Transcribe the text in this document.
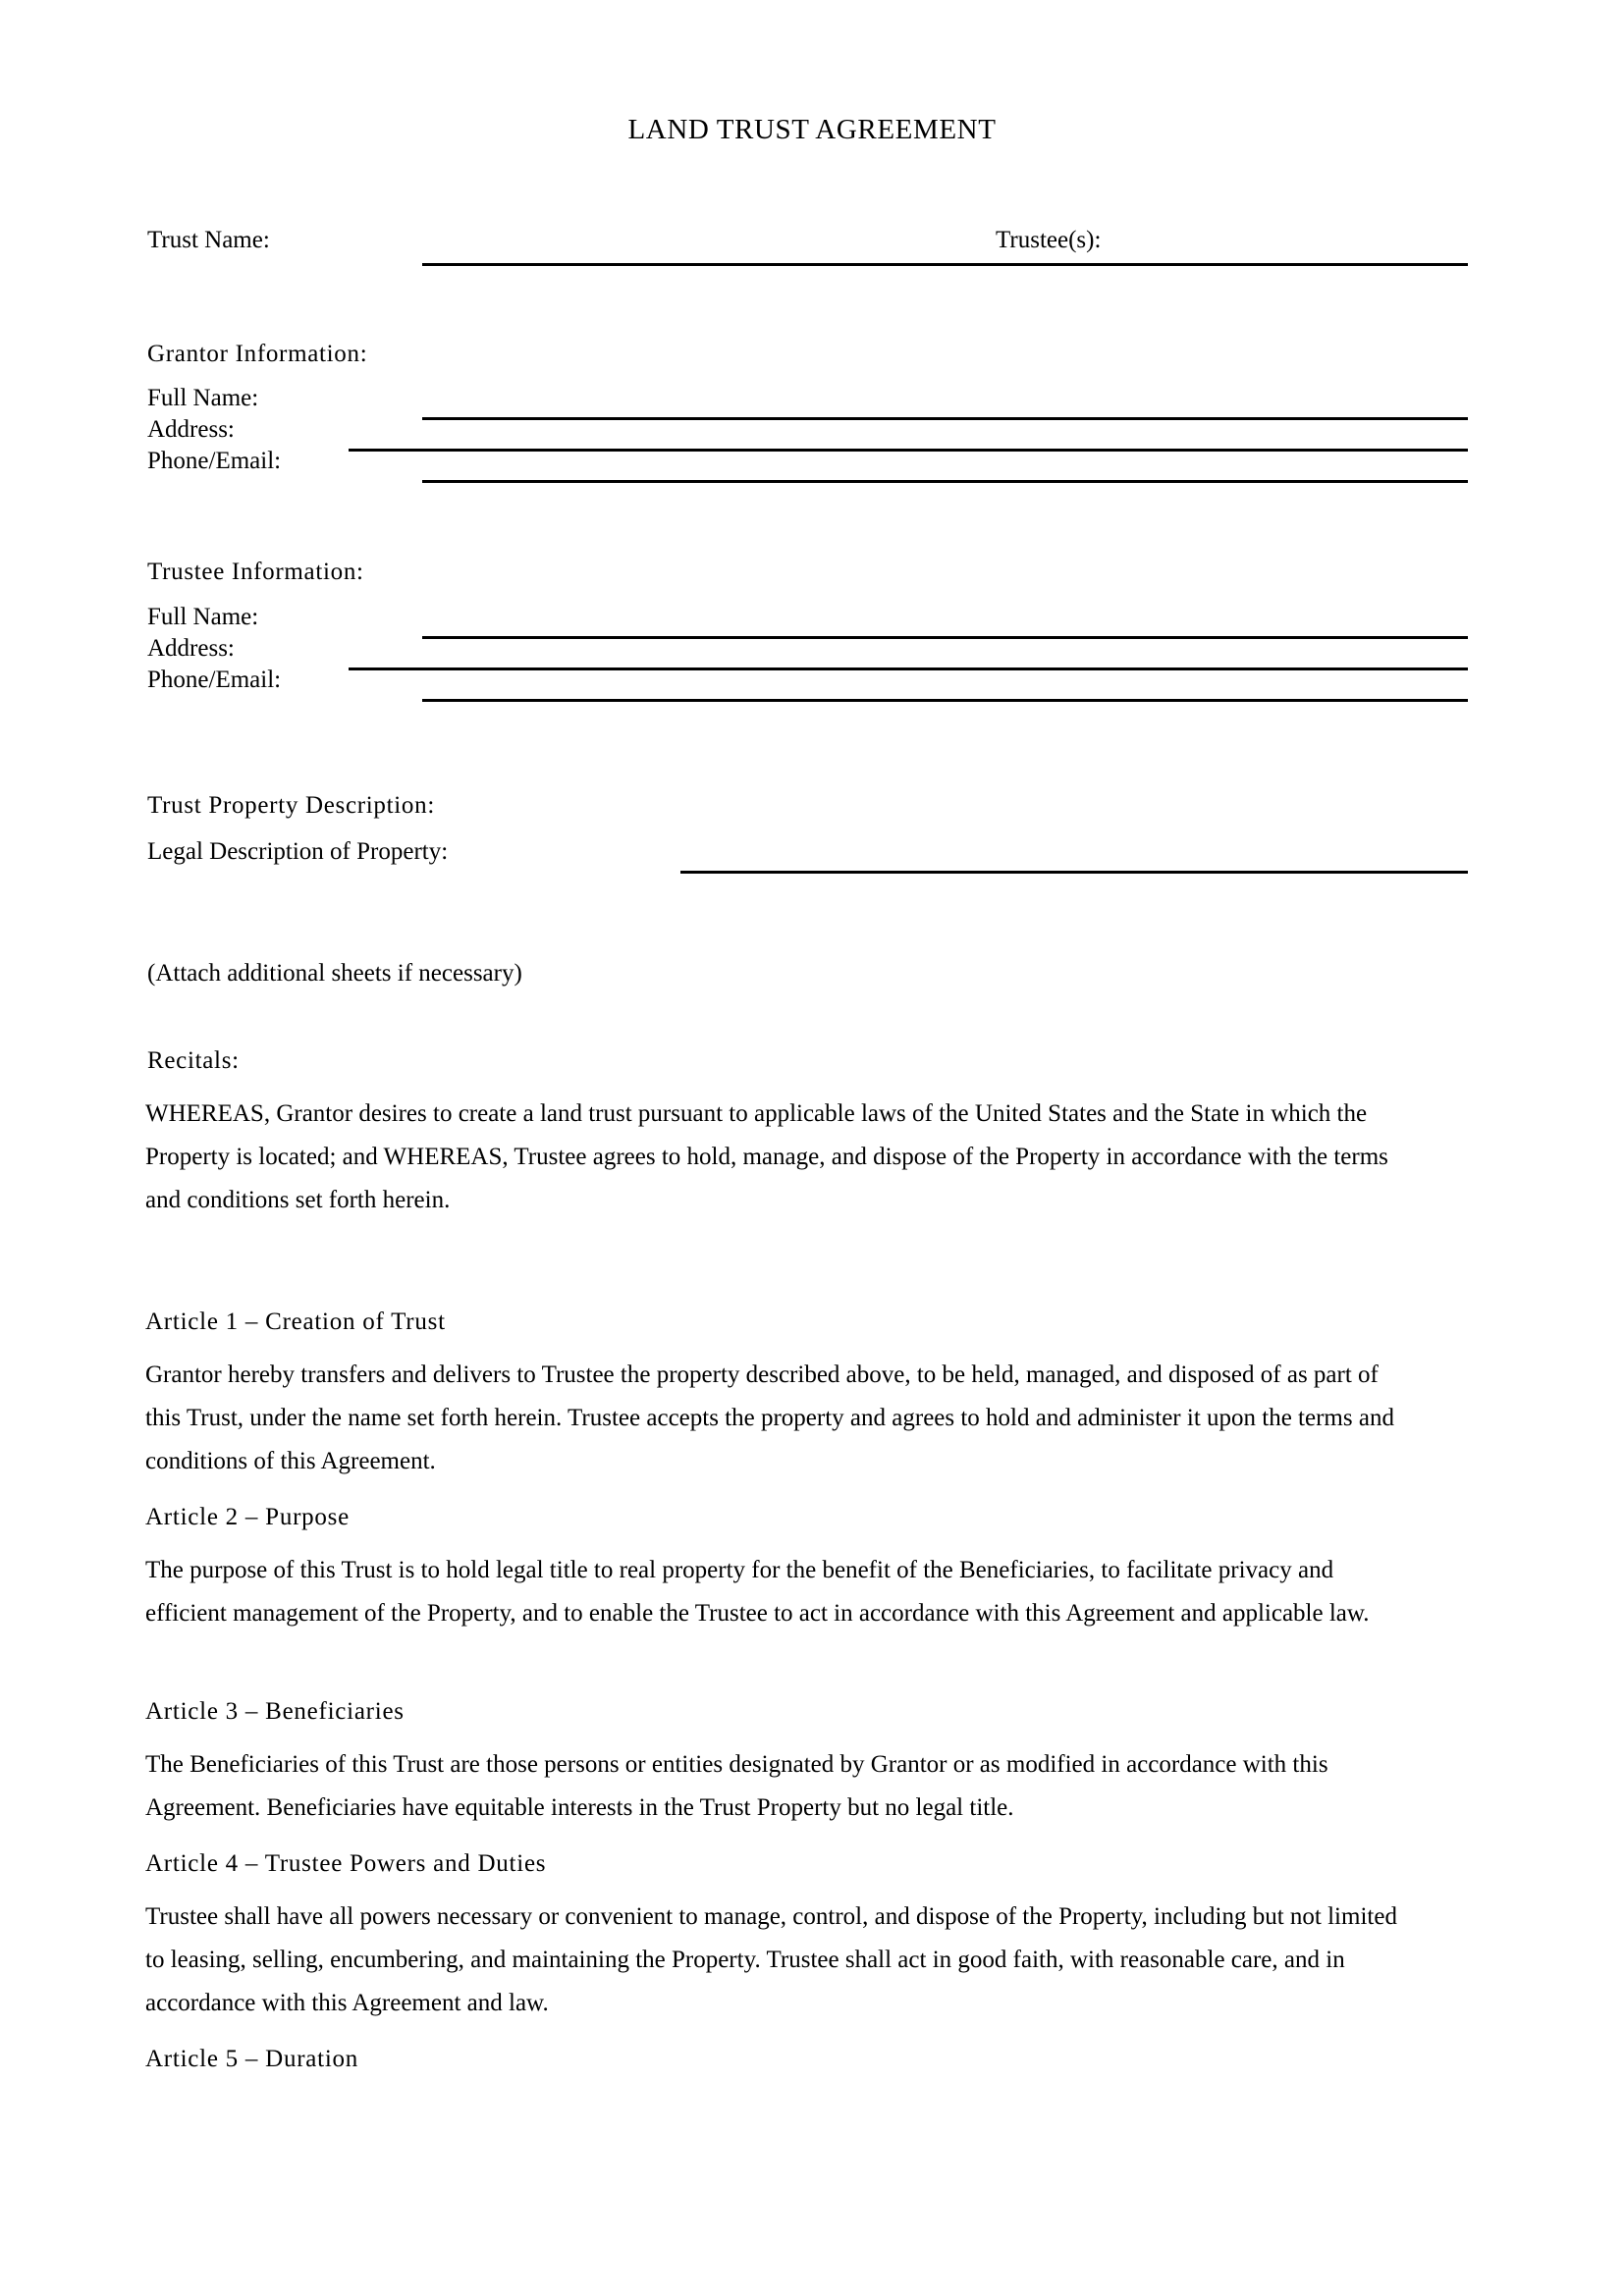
LAND TRUST AGREEMENT
Trust Name:	Trustee(s):
Grantor Information:
Full Name:
Address:
Phone/Email:
Trustee Information:
Full Name:
Address:
Phone/Email:
Trust Property Description:
Legal Description of Property:
(Attach additional sheets if necessary)
Recitals:
WHEREAS, Grantor desires to create a land trust pursuant to applicable laws of the United States and the State in which the Property is located; and WHEREAS, Trustee agrees to hold, manage, and dispose of the Property in accordance with the terms and conditions set forth herein.
Article 1 – Creation of Trust
Grantor hereby transfers and delivers to Trustee the property described above, to be held, managed, and disposed of as part of this Trust, under the name set forth herein. Trustee accepts the property and agrees to hold and administer it upon the terms and conditions of this Agreement.
Article 2 – Purpose
The purpose of this Trust is to hold legal title to real property for the benefit of the Beneficiaries, to facilitate privacy and efficient management of the Property, and to enable the Trustee to act in accordance with this Agreement and applicable law.
Article 3 – Beneficiaries
The Beneficiaries of this Trust are those persons or entities designated by Grantor or as modified in accordance with this Agreement. Beneficiaries have equitable interests in the Trust Property but no legal title.
Article 4 – Trustee Powers and Duties
Trustee shall have all powers necessary or convenient to manage, control, and dispose of the Property, including but not limited to leasing, selling, encumbering, and maintaining the Property. Trustee shall act in good faith, with reasonable care, and in accordance with this Agreement and law.
Article 5 – Duration
